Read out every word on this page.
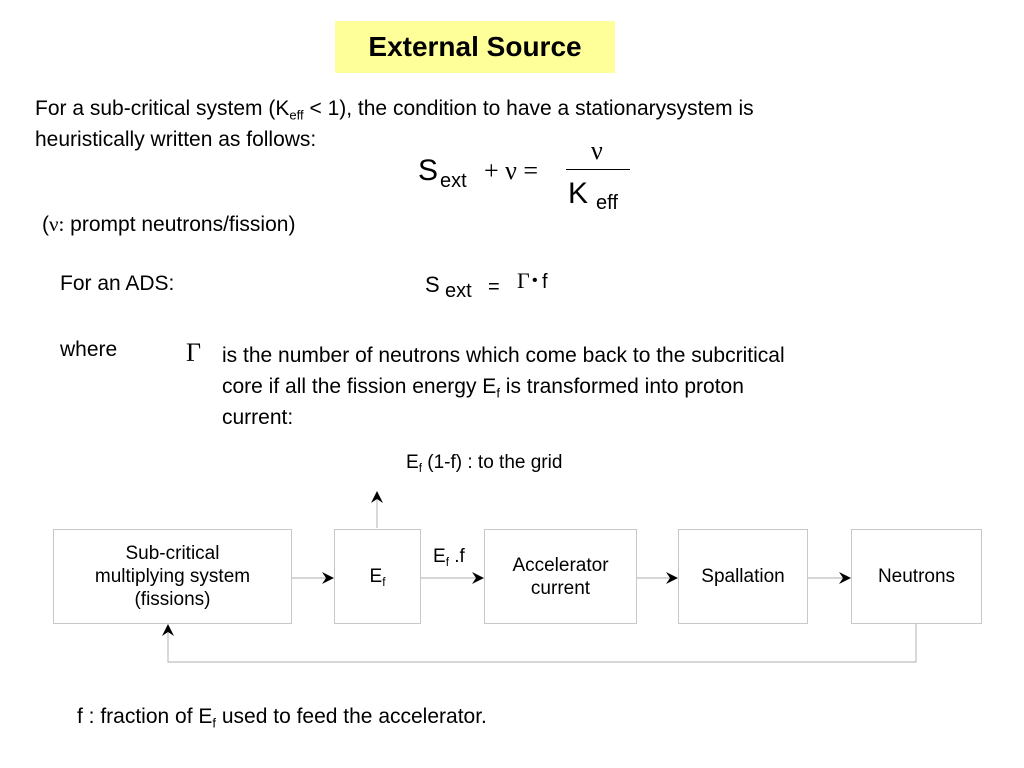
External Source
For a sub-critical system $(K_{eff} < 1)$, the condition to have a stationarysystem is
heuristically written as follows:
S ext + ν =
ν
K eff
(ν: prompt neutrons/fission)
For an ADS:	S ext = Γ • f
where	Γ is the number of neutrons which come back to the subcritical
core if all the fission energy $E_f$ is transformed into proton
current:
$E_f$ (1-f) : to the grid
$E_f$ .f
Sub-critical
multiplying system
(fissions)
$E_f$
Accelerator
current
Spallation	Neutrons
f : fraction of $E_f$ used to feed the accelerator.
